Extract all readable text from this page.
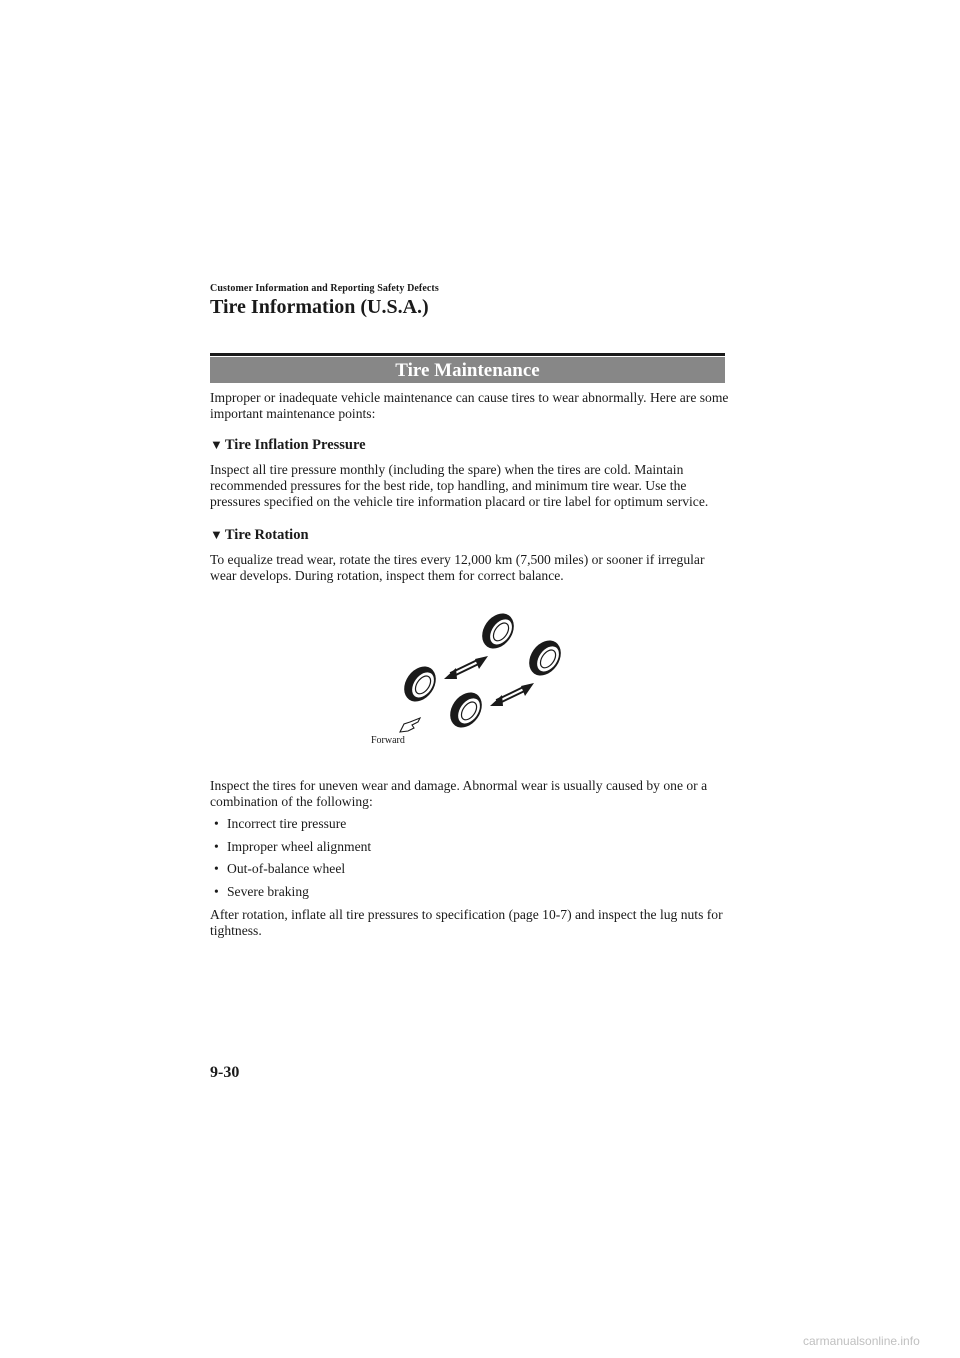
Customer Information and Reporting Safety Defects
Tire Information (U.S.A.)
Tire Maintenance

Improper or inadequate vehicle maintenance can cause tires to wear abnormally. Here are some important maintenance points:

▼ Tire Inflation Pressure

Inspect all tire pressure monthly (including the spare) when the tires are cold. Maintain recommended pressures for the best ride, top handling, and minimum tire wear. Use the pressures specified on the vehicle tire information placard or tire label for optimum service.

▼ Tire Rotation

To equalize tread wear, rotate the tires every 12,000 km (7,500 miles) or sooner if irregular wear develops. During rotation, inspect them for correct balance.

Forward

Inspect the tires for uneven wear and damage. Abnormal wear is usually caused by one or a combination of the following:

• Incorrect tire pressure
• Improper wheel alignment
• Out-of-balance wheel
• Severe braking

After rotation, inflate all tire pressures to specification (page 10-7) and inspect the lug nuts for tightness.

9-30
carmanualsonline.info
